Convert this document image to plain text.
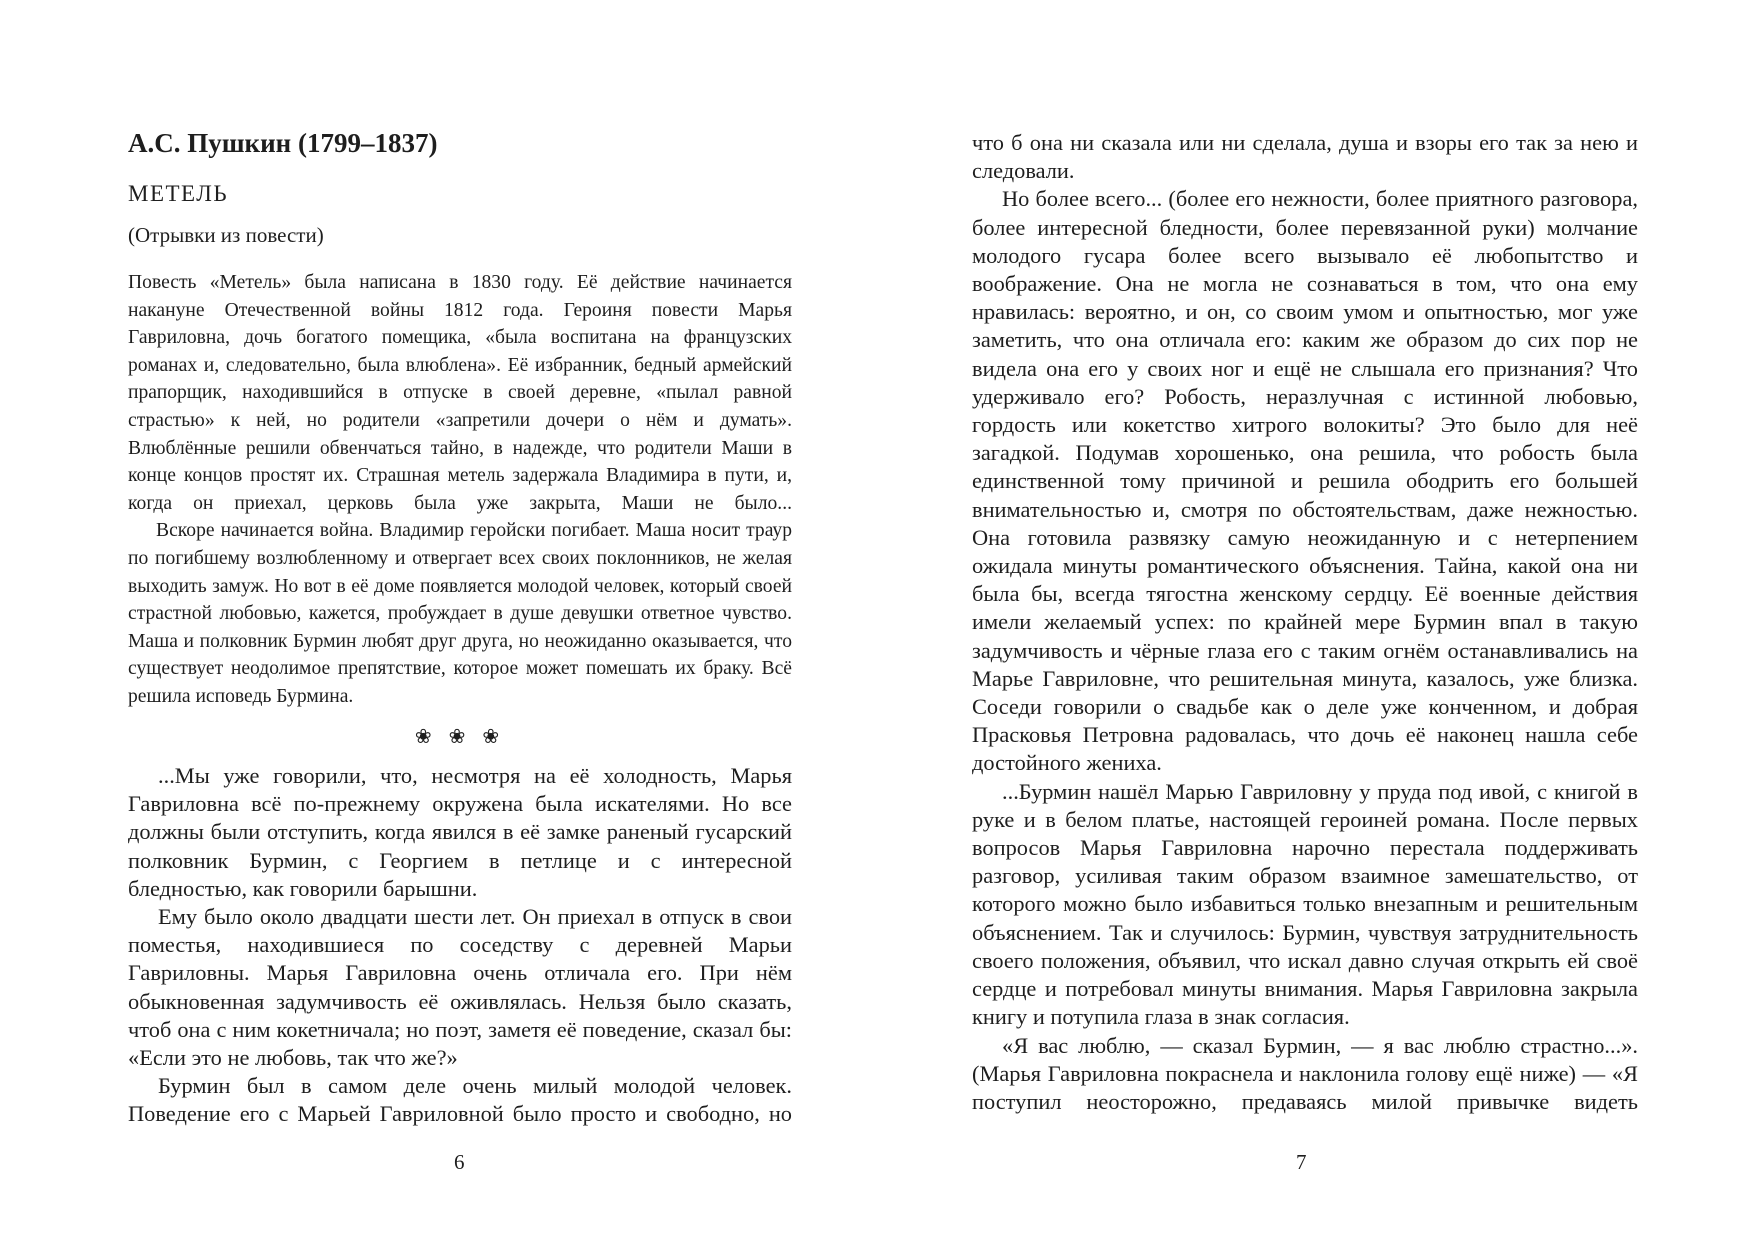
А.С. Пушкин (1799–1837)
МЕТЕЛЬ
(Отрывки из повести)

Повесть «Метель» была написана в 1830 году. Её действие начинается накануне Отечественной войны 1812 года. Героиня повести Марья Гавриловна, дочь богатого помещика, «была воспитана на французских романах и, следовательно, была влюблена». Её избранник, бедный армейский прапорщик, находившийся в отпуске в своей деревне, «пылал равной страстью» к ней, но родители «запретили дочери о нём и думать». Влюблённые решили обвенчаться тайно, в надежде, что родители Маши в конце концов простят их. Страшная метель задержала Владимира в пути, и, когда он приехал, церковь была уже закрыта, Маши не было...

Вскоре начинается война. Владимир геройски погибает. Маша носит траур по погибшему возлюбленному и отвергает всех своих поклонников, не желая выходить замуж. Но вот в её доме появляется молодой человек, который своей страстной любовью, кажется, пробуждает в душе девушки ответное чувство. Маша и полковник Бурмин любят друг друга, но неожиданно оказывается, что существует неодолимое препятствие, которое может помешать их браку. Всё решила исповедь Бурмина.

❀ ❀ ❀

...Мы уже говорили, что, несмотря на её холодность, Марья Гавриловна всё по-прежнему окружена была искателями. Но все должны были отступить, когда явился в её замке раненый гусарский полковник Бурмин, с Георгием в петлице и с интересной бледностью, как говорили барышни.

Ему было около двадцати шести лет. Он приехал в отпуск в свои поместья, находившиеся по соседству с деревней Марьи Гавриловны. Марья Гавриловна очень отличала его. При нём обыкновенная задумчивость её оживлялась. Нельзя было сказать, чтоб она с ним кокетничала; но поэт, заметя её поведение, сказал бы: «Если это не любовь, так что же?»

Бурмин был в самом деле очень милый молодой человек. Поведение его с Марьей Гавриловной было просто и свободно, но

что б она ни сказала или ни сделала, душа и взоры его так за нею и следовали.

Но более всего... (более его нежности, более приятного разговора, более интересной бледности, более перевязанной руки) молчание молодого гусара более всего вызывало её любопытство и воображение. Она не могла не сознаваться в том, что она ему нравилась: вероятно, и он, со своим умом и опытностью, мог уже заметить, что она отличала его: каким же образом до сих пор не видела она его у своих ног и ещё не слышала его признания? Что удерживало его? Робость, неразлучная с истинной любовью, гордость или кокетство хитрого волокиты? Это было для неё загадкой. Подумав хорошенько, она решила, что робость была единственной тому причиной и решила ободрить его большей внимательностью и, смотря по обстоятельствам, даже нежностью. Она готовила развязку самую неожиданную и с нетерпением ожидала минуты романтического объяснения. Тайна, какой она ни была бы, всегда тягостна женскому сердцу. Её военные действия имели желаемый успех: по крайней мере Бурмин впал в такую задумчивость и чёрные глаза его с таким огнём останавливались на Марье Гавриловне, что решительная минута, казалось, уже близка. Соседи говорили о свадьбе как о деле уже конченном, и добрая Прасковья Петровна радовалась, что дочь её наконец нашла себе достойного жениха.

...Бурмин нашёл Марью Гавриловну у пруда под ивой, с книгой в руке и в белом платье, настоящей героиней романа. После первых вопросов Марья Гавриловна нарочно перестала поддерживать разговор, усиливая таким образом взаимное замешательство, от которого можно было избавиться только внезапным и решительным объяснением. Так и случилось: Бурмин, чувствуя затруднительность своего положения, объявил, что искал давно случая открыть ей своё сердце и потребовал минуты внимания. Марья Гавриловна закрыла книгу и потупила глаза в знак согласия.

«Я вас люблю, — сказал Бурмин, — я вас люблю страстно...». (Марья Гавриловна покраснела и наклонила голову ещё ниже) — «Я поступил неосторожно, предаваясь милой привычке видеть

6	7
